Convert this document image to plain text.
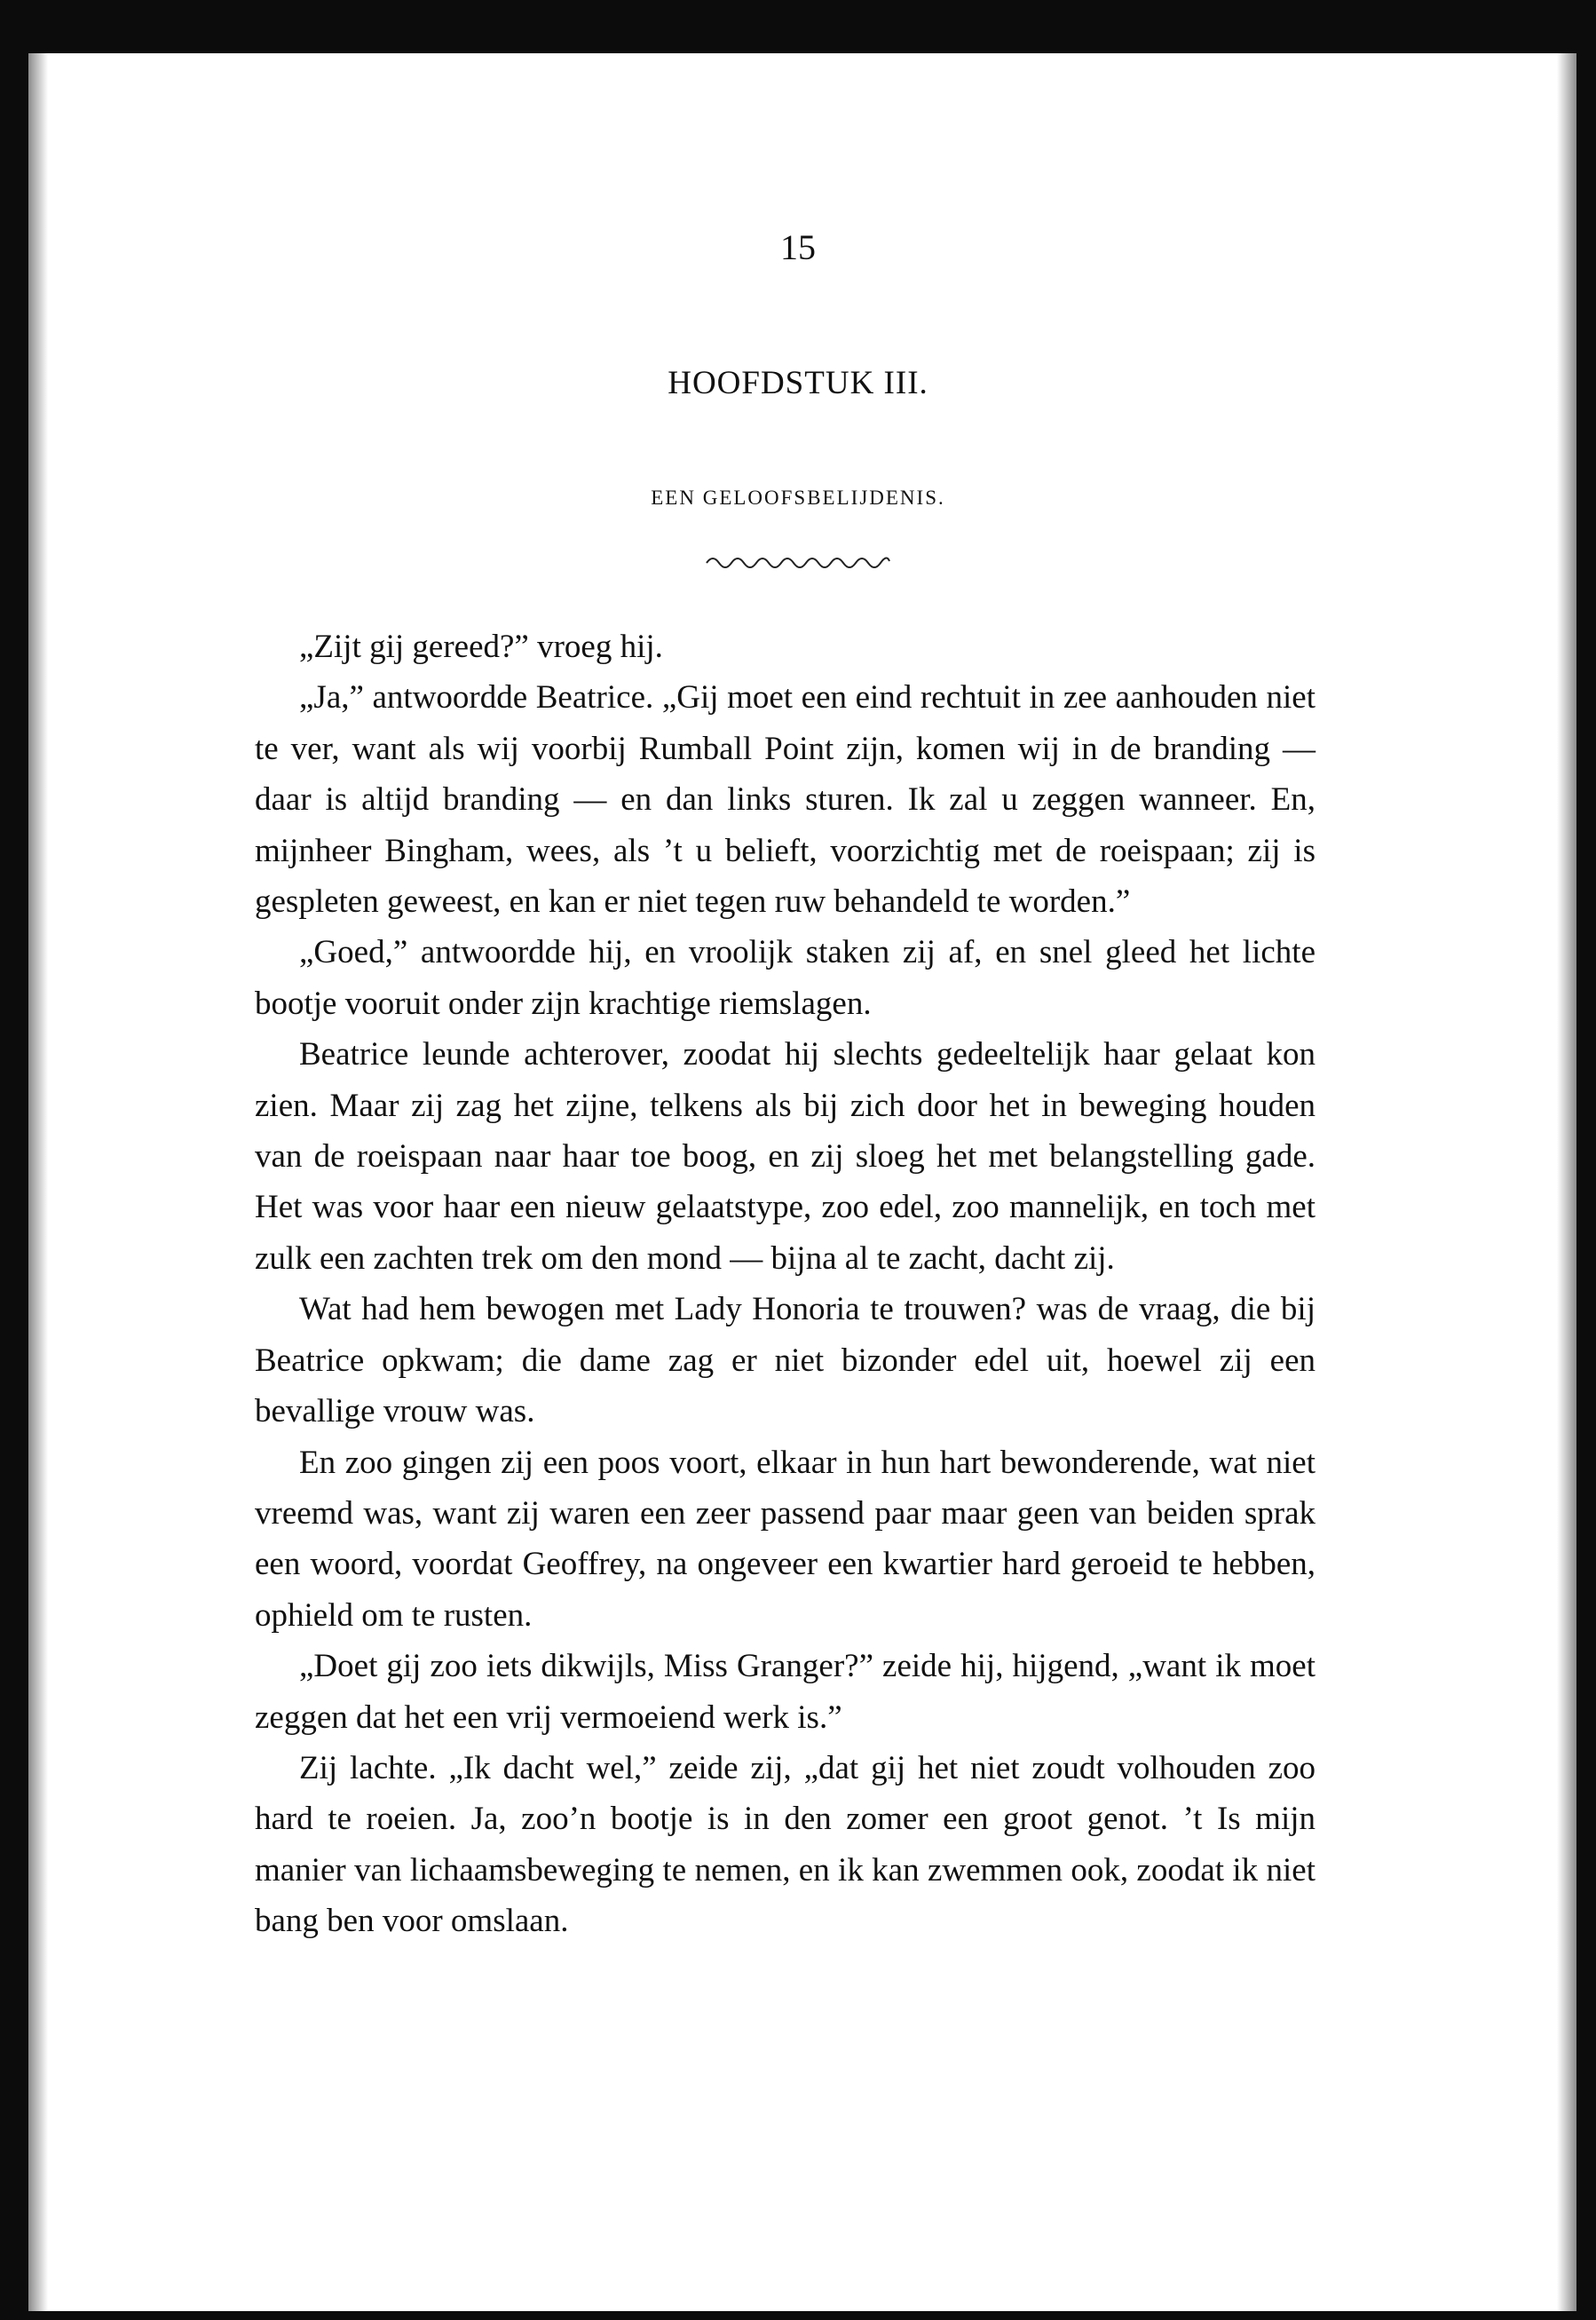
15
HOOFDSTUK III.
EEN GELOOFSBELIJDENIS.

„Zijt gij gereed?” vroeg hij.

„Ja,” antwoordde Beatrice. „Gij moet een eind rechtuit in zee aanhouden niet te ver, want als wij voorbij Rumball Point zijn, komen wij in de branding — daar is altijd branding — en dan links sturen. Ik zal u zeggen wanneer. En, mijnheer Bingham, wees, als ’t u belieft, voorzichtig met de roeispaan; zij is gespleten geweest, en kan er niet tegen ruw behandeld te worden.”

„Goed,” antwoordde hij, en vroolijk staken zij af, en snel gleed het lichte bootje vooruit onder zijn krachtige riemslagen.

Beatrice leunde achterover, zoodat hij slechts gedeeltelijk haar gelaat kon zien. Maar zij zag het zijne, telkens als bij zich door het in beweging houden van de roeispaan naar haar toe boog, en zij sloeg het met belangstelling gade. Het was voor haar een nieuw gelaatstype, zoo edel, zoo mannelijk, en toch met zulk een zachten trek om den mond — bijna al te zacht, dacht zij.

Wat had hem bewogen met Lady Honoria te trouwen? was de vraag, die bij Beatrice opkwam; die dame zag er niet bizonder edel uit, hoewel zij een bevallige vrouw was.

En zoo gingen zij een poos voort, elkaar in hun hart bewonderende, wat niet vreemd was, want zij waren een zeer passend paar maar geen van beiden sprak een woord, voordat Geoffrey, na ongeveer een kwartier hard geroeid te hebben, ophield om te rusten.

„Doet gij zoo iets dikwijls, Miss Granger?” zeide hij, hijgend, „want ik moet zeggen dat het een vrij vermoeiend werk is.”

Zij lachte. „Ik dacht wel,” zeide zij, „dat gij het niet zoudt volhouden zoo hard te roeien. Ja, zoo’n bootje is in den zomer een groot genot. ’t Is mijn manier van lichaamsbeweging te nemen, en ik kan zwemmen ook, zoodat ik niet bang ben voor omslaan.
